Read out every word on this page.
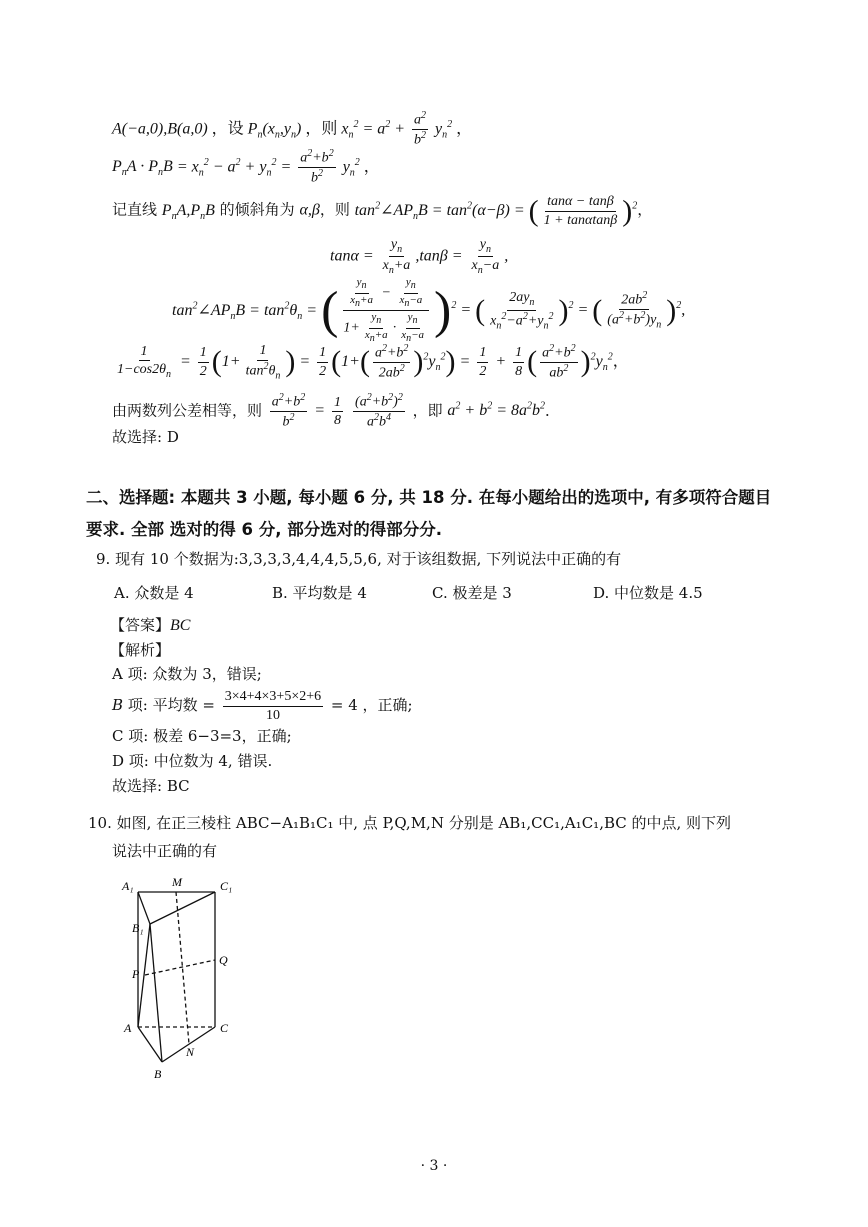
A(−a,0),B(a,0) ，设 $P_n(x_n,y_n)$ ，则 $x_n^2 = a^2 + \frac{a^2}{b^2} y_n^2$ ，
$P_nA \cdot P_nB = x_n^2 - a^2 + y_n^2 = \frac{a^2+b^2}{b^2} y_n^2$ ，
记直线 $P_nA,P_nB$ 的倾斜角为 α,β，则 $\tan^2\angle AP_nB = \tan^2(\alpha-\beta)$ = ( $\frac{\tan\alpha - \tan\beta}{1 + \tan\alpha\tan\beta} )^2$，
$\tan\alpha = \frac{y_n}{x_n+a} ,\tan\beta = \frac{y_n}{x_n-a}$ ,
$\tan^2\angle AP_nB = \tan^2\theta_n$ = ( $\frac{\frac{y_n}{x_n+a} - \frac{y_n}{x_n-a}}{1+ \frac{y_n}{x_n+a} \cdot \frac{y_n}{x_n-a}} )^2$ = ( $\frac{2ay_n}{x_n^2-a^2+y_n^2} )^2$ = ( $\frac{2ab^2}{(a^2+b^2)y_n} )^2$,
$\frac{1}{1-\cos 2\theta_n} = \frac{1}{2} (1+ \frac{1}{\tan^2\theta_n}$ ) = $\frac{1}{2} (1+( \frac{a^2+b^2}{2ab^2} )^2y_n^2) = \frac{1}{2} + \frac{1}{8}$ ( $\frac{a^2+b^2}{ab^2} )^2y_n^2$，
由两数列公差相等，则 $\frac{a^2+b^2}{b^2} = \frac{1}{8}$
$\frac{(a^2+b^2)^2}{a^2b^4}$ ，即 $a^2 + b^2 = 8a^2b^2$．
故选择: D
二、选择题: 本题共 3 小题, 每小题 6 分, 共 18 分. 在每小题给出的选项中, 有多项符合题目要求. 全部 选对的得 6 分, 部分选对的得部分分.
9. 现有 10 个数据为:3,3,3,3,4,4,4,5,5,6, 对于该组数据, 下列说法中正确的有
A. 众数是 4	B. 平均数是 4	C. 极差是 3	D. 中位数是 4.5
【答案】BC
【解析】
A 项: 众数为 3，错误;
B 项: 平均数 = $\frac{3\times 4+4\times 3+5\times 2+6}{10} = 4$ ，正确;
C 项: 极差 6−3=3，正确;
D 项: 中位数为 4, 错误.
故选择: BC
10. 如图, 在正三棱柱 ABC−A₁B₁C₁ 中, 点 P,Q,M,N 分别是 AB₁,CC₁,A₁C₁,BC 的中点, 则下列
说法中正确的有
A₁	M	C₁
B₁
P
Q
A	C
N
B
· 3 ·
